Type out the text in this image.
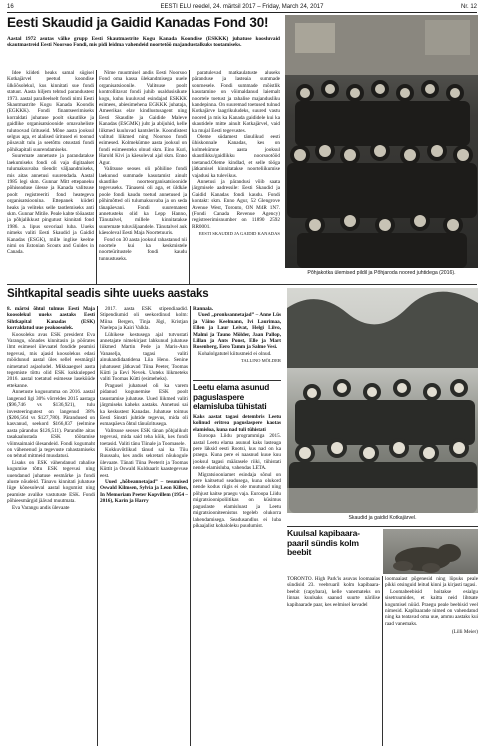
16	EESTI ELU reedel, 24. märtsil 2017 – Friday, March 24, 2017	Nr. 12
Eesti Skaudid ja Gaidid Kanadas Fond 30!
Aastal 1972 asutas välke grupp Eesti Skautmastrite Kogu Kanada Koondise (ESKKK) juhatuse koosluvaid skautmastreid Eesti Noorsoo Fondi, mis pidi leidma vahendeid noortetöö majandustalkuks tootamiseks.

Idee kiideti heaks samal sügisel Kotkajärvel peetud koondise ülkõõsolekul, kus kinnitati sue fondi statuut. Aasta hiljem tehtud parandustest 1973. aastal paralleelselt fondi nimi Eesti Skautmastrite Kogu Kanada Koondis (EGKKK). Fondi finantseerimiseks korraldati juhatuse poolt skautlike ja gaidlike organisatsioonide omavaheliste tulutoovad ürituseid. Mõne aasta jooksul selgus aga, et alalised üritused ei toonud piisavalt tulu ja seetõttu otsustati fondi põhikapitali suurendamiseks.

Suuremate annetuste ja parandatakse laekumiseks fondi oli vaja digitaalset tulumaksuvaba tõendit väljaandmiseks, mis aitas annetusi suurendada. Aastal 1985 legi skm. Gunnar Mitt ettepaneku põhiseaduse ülesse ja Kanada valitsuse poolt registreeriti fond heategeva organisatsioonina. Ettepanek kiideti heaks ja veliteks selle taotlemiseks anti skm. Gunnar Mitile. Peale kahte tööaastat ja põhjalikkust pingutust kinnitati fond 1986. a. lipus sovoriaal luba. Uueks nimeks valiti Eesti Skaudid ja Gaidid Kanadas (ESGK), mille inglise keelne nimi on Estonian Scouts and Guides in Canada.

Nime muutmisel andis Eesti Noorsoo Fond oma kassa ülekandmisega uuele organisatsioonile. Valitsuse poolt kontrollitavat fondi juhib usaldusisikute kogu, kuhu kuuluvad esindajad ESKKK esimees, abiesimehena EGKKK juhataja, Ameerikas elav kindlustusagent ning Eesti Skaudite ja Gaidide Maleve Kanadas (ESGMK) juht ja abijuhid, kelle liikmed kuuluvad kantslerile. Koondistest valitud liikmed ning Noorsoo fondi esimesed. Kolmekümne aasta jooksul on fondi esimeesteks olnud skm. Eino Kuri, Harold Kivi ja käesoleval ajal skm. Enno Agur.

Valitsuse seoses oli põhiline fondi laekunud summade kasutamist ainult skautlike noorteorganisatsioonide tegevuseks. Tänaseni oli aga, et üldkäe poole fondi kaudu toetud annetused ja põhimõtted oli tulumaksuvaba ja on seda tänapäevani. Fondi suurematest annetusteks olid ka Lepp Hanno, Tänutalvel, millele kinnitatakse suuremate tuluväljaandele. Tänutalvel auk käesoleval Eesti Maja Noortetuuris.

Fond on 30 aasta jooksul rahastanud nii noortele kui ka keskmistele noorteüritustele fondi kaudu tunnustuseks.

paratulevad matkaulatuste aluseks päranduse ja lasteaia summade sonrnesele. Fondi summade mõistlik kasutamine on võimaldanud laiemalt noortele toetust ja rahalise majandusliku kandepinna. On suuremad toetused tulnud Kotkajärve laagrikuludeks, suured vastu noored ja mis ka Kanada gaididele kui ka skautidele mitte ainult Kotkajärvel, vaid ka mujal Eesti tegevustes.

Oleme südamest tänulikud eesti ühiskonnale Kanadas, kes on kolmekümne aasta jooksul skautlikku/gaidlikku noorsootööd toetanud.Oleme kindlad, et selle tööga jätkamisel kinnitatakse noorteliikumise vajadusi ka tulevikus.

Annetusi ja pärandusi võib saata järgmisele aadressile: Eesti Skaudid ja Gaidid Kanadas fondi kaudu. Fondi kontakt: skm. Enno Agur, 52 Glengrove Avenue West, Toronto, ON M4R 1N7. (Fondi Canada Revenue Agency) registreerimisnumber on 11890 2592 RR0001.

EESTI SKAUDID JA GAIDID KANADAS
Põhjakotka ülemised pildil ja Põhjaroda noored juhtidega (2016).
Sihtkapital seadis sihte uueks aastaks

8. märtsi õhtul tulmus Eesti Maja koosolekul uueks aastaks Eesti Sihtkapital Kanadas (ESK) korraldatud uue peakoosolek.

Koosoleku avas ESK president Eva Varangu, sõnades kinnitasin ja pöörates ilmt esimesel ülevaatel fondide peamisi tegevusi, mis ajasid koosolekus edasi möödunud aastal üles sellel eesmärgil nimetatud asjaoludel. Mikkaaegsel aasta tegemiste tõttu olid ESK kokkulepped 2016. aastal toetatud esimesse laseküüde ettekanne.

Annetuste kogusumma on 2016. aastal langenud ligi 30% võrreldes 2015 aastaga ($96,746 vs $136,921), tulu investeeringutest on langenud 38% ($206,564 vs $127,780). Pärandused on kasvanud, seekord $166,837 (eelmine aasta pärandus $126,511). Parandite aitas tasakaalustada ESK töötamise võimsaimaid ülesandeid. Fondi kogumaht on vähenenud ja tegevuste rahastamiseks on tehtud mitmeid muudatusi.

Lisaks on ESK vähendanud rahalise kogumise tõttu ESK tegevusi ning uuendanud juhatuse eesmärke ja fondi aluste nõudeid. Tänavu kinnitati juhatuse liige kõnesoleval aastal kogumist ning peamiste avalike vastutuste ESK. Fondi põhieesmärgid jäävad muutmata.

Eva Varangu andis ülevaate

2017. aasta ESK stipendiaadid. Stipendiumid oli seekordinud kolm: Miina Bergen, Tinja Jõgi, Kristjan Naelepa ja Kairi Valkla.

Lühikese kestusega ajal tutvustati annetajate nimekirjast lahkunud juhatuse liikmed Martin Pede ja Maris-Ann Vanaselja, tagasi valiti ainukandidaatidena Liia Heno. Senine juhatusest jätkavad Tiina Peeter, Toomas Kütti ja Eevi Nevek. Uuteks liikmeteks valiti Toomas Kütti (esimeheks).

Pragusel juhatusel oli ka varem pidanud kogunemise ESK poolt tasustamise juhatuse. Uued liikmed valiti järgmiseks kaheks aastaks. Annetusi sai ka keskustest Kanadas. Juhatuse toimus Eesti Sinstri juhtide tegevus, mida oli esmaspäeva õhtul tänuüritusega.

Valitsuse seoses ESK tänan põhjalikult tegevusi, mida said teha kõik, kes fondi toetasid. Valiti tänu Tiinale ja Toomasele.

Kokkuvõtlikud tänud sai ka Tiiu Ruussalu, kes andis sekretari nõukogule ülevaate. Tänati Tiina Peeterit ja Toomas Küttit ja Oswald Kuldsaarit kaastegevuse eest.

Uued „hõbeannetajad” – tesumised Oswald Kilmsen, Sylvia ja Leon Killen, In Memoriam Peeter Kopvillem (1954 – 2016), Karin ja Harry

Rannala.

Uued „pronksannetajad” – Anne Lüs ja Väino Keelmann, Ivi Laurimaa, Ellen ja Laur Leivat, Helgi Liivo, Malmi ja Tauno Mölder, Jaan Pallop, Lillan ja Ants Ponst, Elle ja Mart Rosenberg, Eero Tamm ja Salme Vesi.

Kohalolgatutel kiitusmeid ei olnud.

TALLINO MÖLDER
Leetu elama asunud paguslaspere elamisluba tühistati

Kaks aastat tagasi detembris Leetu kolinud eritrea paguslaspere kaotas elamisloa, kuna nad tuli tühistati

Euroopa Liidu programmiga 2015. aastal Leetu elama asunud kaks lasteaga pere läksid eesti Rootsi, kus nad on ka praegu. Kuna pere ei naasnud kuue kuu jooksul tagasi määrasele riiki, tühistati nende elamisluba, vahendas LETA.

Migratsiooniamet esindaja sõnul on pere kaitsetud seadusega, kuna olukord nende kodus riigis ei ole muutunud ning põhjust kaitse praegu vaja. Euroopa Liidu migratsioonipoliitikas on küsimus paguslaste elamisloast ja Leetu migratsiooniteenistus tegeleb olukorra lahendamisega. Seadusandlus ei luba pikaajalist kohaloleku puudumist.

Skaudid ja gaidid Kotkajärvel.
Kuulsal kapibaara-paaril sündis kolm beebit

TORONTO. High Park'is asuvas loomaaias sündisid 23. veebruaril kolm kapibaara-beebit (capybara), kelle vanemateks on linnas kuulsaks saanud suurte närilise kapibaarade paar, kes eelmisel kevadel

loomaaiast põgenesid ning lõpuks peale pikki otsinguid leitud kinni ja kirjasti tagasi.

Loomabeebisid hoitakse esialgu sisetruumides, et kaitta neid lihtsate kogumisel nüüd. Praegu peale beebisid veel nimesid. Kapibaarade nimed on vahendatud ning ka teatavad oma uue, ammu aastaks kui raad vanemaks.

(Lilli Meier)
